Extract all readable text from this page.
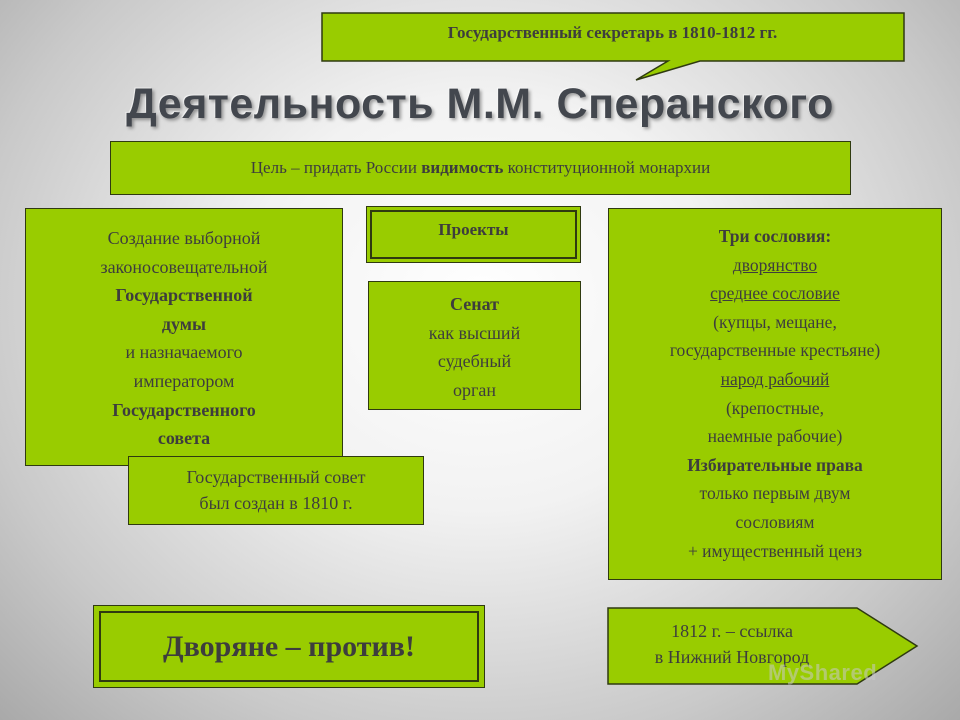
Государственный секретарь в 1810-1812 гг.
Деятельность М.М. Сперанского
Цель – придать России видимость конституционной монархии
Создание выборной
законосовещательной
Государственной
думы
и назначаемого
императором
Государственного
совета
Государственный совет
был создан в 1810 г.
Проекты
Сенат
как высший
судебный
орган
Три сословия:
дворянство
среднее сословие
(купцы, мещане,
государственные крестьяне)
народ рабочий
(крепостные,
наемные рабочие)
Избирательные права
только первым двум
сословиям
+ имущественный ценз
Дворяне – против!	1812 г. – ссылка
в Нижний Новгород
MyShared
